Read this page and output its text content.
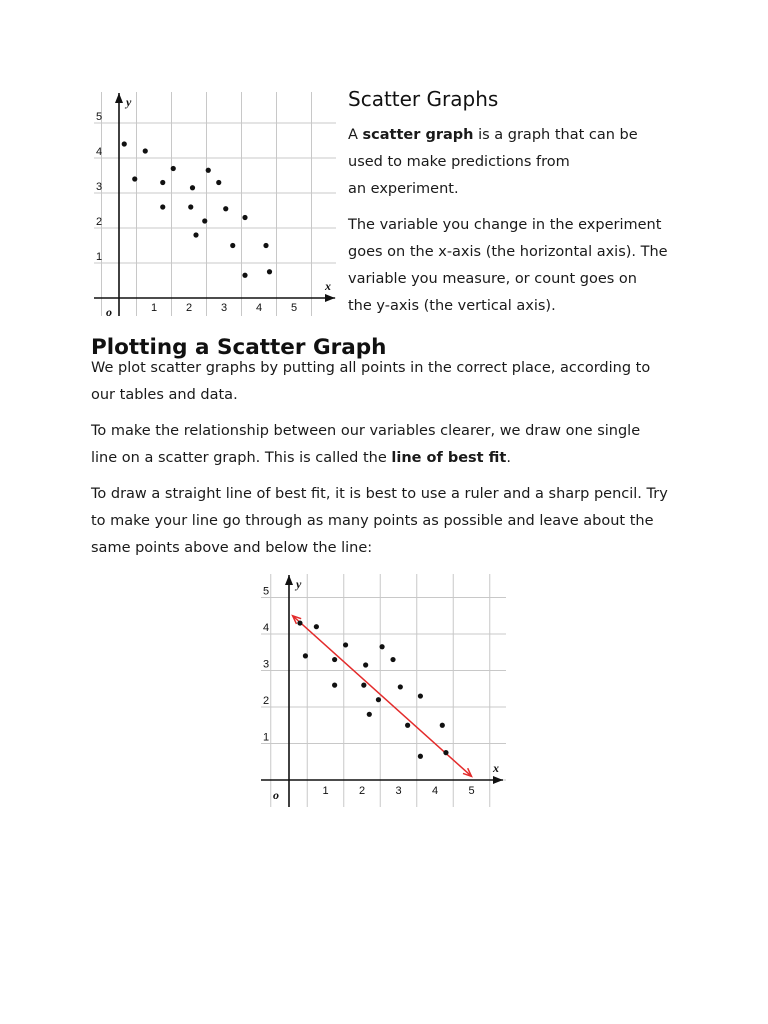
1	2	3	4	5
1
2
3
4
5
y
x
o
Scatter Graphs

A scatter graph is a graph that can be

used to make predictions from

an experiment.

The variable you change in the experiment

goes on the x-axis (the horizontal axis). The

variable you measure, or count goes on

the y-axis (the vertical axis).

Plotting a Scatter Graph

We plot scatter graphs by putting all points in the correct place, according to

our tables and data.

To make the relationship between our variables clearer, we draw one single

line on a scatter graph. This is called the line of best fit.

To draw a straight line of best fit, it is best to use a ruler and a sharp pencil. Try

to make your line go through as many points as possible and leave about the

same points above and below the line:

1	2	3	4	5
1
2
3
4
5
y
x
o
